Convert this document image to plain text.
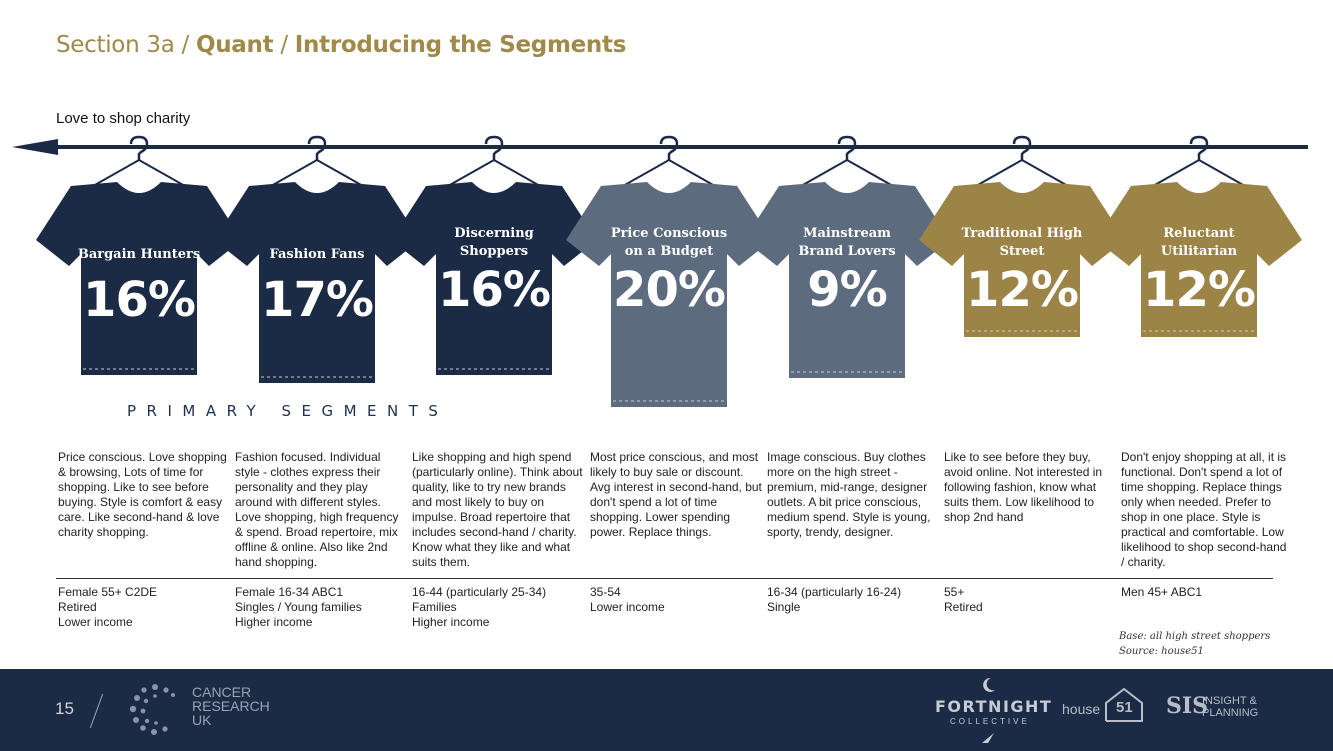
Section 3a / Quant / Introducing the Segments
Love to shop charity
Bargain Hunters
16%
Fashion Fans
17%
Discerning Shoppers
16%
Price Conscious on a Budget
20%
Mainstream Brand Lovers
9%
Traditional High Street
12%
Reluctant Utilitarian
12%
PRIMARY SEGMENTS
Price conscious. Love shopping & browsing, Lots of time for shopping. Like to see before buying. Style is comfort & easy care. Like second-hand & love charity shopping.
Fashion focused. Individual style - clothes express their personality and they play around with different styles. Love shopping, high frequency & spend. Broad repertoire, mix offline & online. Also like 2nd hand shopping.
Like shopping and high spend (particularly online). Think about quality, like to try new brands and most likely to buy on impulse. Broad repertoire that includes second-hand / charity. Know what they like and what suits them.
Most price conscious, and most likely to buy sale or discount. Avg interest in second-hand, but don't spend a lot of time shopping. Lower spending power. Replace things.
Image conscious. Buy clothes more on the high street - premium, mid-range, designer outlets. A bit price conscious, medium spend. Style is young, sporty, trendy, designer.
Like to see before they buy, avoid online. Not interested in following fashion, know what suits them. Low likelihood to shop 2nd hand
Don't enjoy shopping at all, it is functional. Don't spend a lot of time shopping. Replace things only when needed. Prefer to shop in one place. Style is practical and comfortable. Low likelihood to shop second-hand / charity.
Female 55+ C2DE
Retired
Lower income
Female 16-34 ABC1
Singles / Young families
Higher income
16-44 (particularly 25-34)
Families
Higher income
35-54
Lower income
16-34 (particularly 16-24)
Single
55+
Retired
Men 45+ ABC1
Base: all high street shoppers
Source: house51
15
CANCER
RESEARCH
UK
FORTNIGHT
COLLECTIVE
house 51 SIS
INSIGHT &
PLANNING
